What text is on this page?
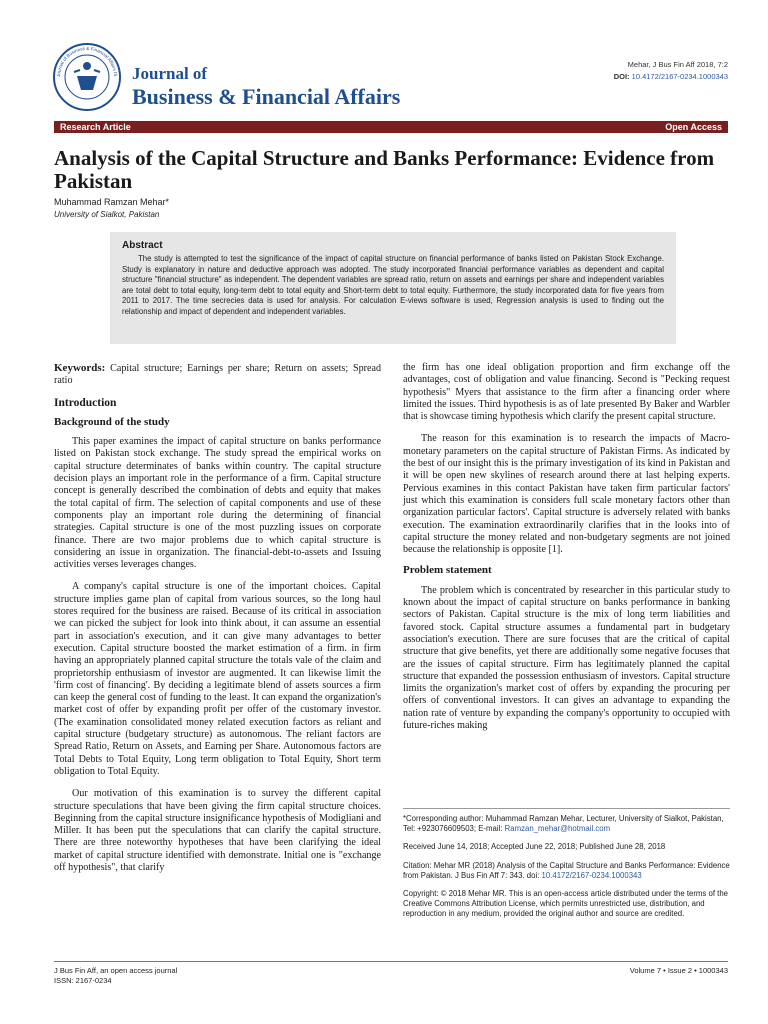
Journal of Business & Financial Affairs IS Journal of
Business & Financial Affairs
Mehar, J Bus Fin Aff 2018, 7:2
DOI: 10.4172/2167-0234.1000343
Research Article	Open Access
Analysis of the Capital Structure and Banks Performance: Evidence from Pakistan
Muhammad Ramzan Mehar*
University of Sialkot, Pakistan
Abstract

The study is attempted to test the significance of the impact of capital structure on financial performance of banks listed on Pakistan Stock Exchange. Study is explanatory in nature and deductive approach was adopted. The study incorporated financial performance variables as dependent and capital structure "financial structure" as independent. The dependent variables are spread ratio, return on assets and earnings per share and independent variables are total debt to total equity, long-term debt to total equity and Short-term debt to total equity. Furthermore, the study incorporated data for five years from 2011 to 2017. The time secrecies data is used for analysis. For calculation E-views software is used, Regression analysis is used to finding out the relationship and impact of dependent and independent variables.

Keywords: Capital structure; Earnings per share; Return on assets; Spread ratio

Introduction
Background of the study

This paper examines the impact of capital structure on banks performance listed on Pakistan stock exchange. The study spread the empirical works on capital structure determinates of banks within country. The capital structure decision plays an important role in the performance of a firm. Capital structure concept is generally described the combination of debts and equity that makes the total capital of firm. The selection of capital components and use of these components play an important role during the determining of financial strategies. Capital structure is one of the most puzzling issues on corporate finance. There are two major problems due to which capital structure is considering an issue in organization. The financial-debt-to-assets and Issuing activities verses leverages changes.

A company's capital structure is one of the important choices. Capital structure implies game plan of capital from various sources, so the long haul stores required for the business are raised. Because of its critical in association we can picked the subject for look into think about, it can assume an essential part in association's execution, and it can give many advantages to better execution. Capital structure boosted the market estimation of a firm. in firm having an appropriately planned capital structure the totals vale of the claim and proprietorship enthusiasm of investor are augmented. It can likewise limit the 'firm cost of financing'. By deciding a legitimate blend of assets sources a firm can keep the general cost of funding to the least. It can expand the organization's market cost of offer by expanding profit per offer of the customary investor. (The examination consolidated money related execution factors as reliant and capital structure (budgetary structure) as autonomous. The reliant factors are Spread Ratio, Return on Assets, and Earning per Share. Autonomous factors are Total Debts to Total Equity, Long term obligation to Total Equity, Short term obligation to Total Equity.

Our motivation of this examination is to survey the different capital structure speculations that have been giving the firm capital structure choices. Beginning from the capital structure insignificance hypothesis of Modigliani and Miller. It has been put the speculations that can clarify the capital structure. There are three noteworthy hypotheses that have been clarifying the ideal market of capital structure identified with demonstrate. Initial one is "exchange off hypothesis", that clarify

the firm has one ideal obligation proportion and firm exchange off the advantages, cost of obligation and value financing. Second is "Pecking request hypothesis" Myers that assistance to the firm after a financing order where limited the issues. Third hypothesis is as of late presented By Baker and Warbler that is showcase timing hypothesis which clarify the present capital structure.

The reason for this examination is to research the impacts of Macro-monetary parameters on the capital structure of Pakistan Firms. As indicated by the best of our insight this is the primary investigation of its kind in Pakistan and it will be open new skylines of research around there at last helping experts. Pervious examines in this contact Pakistan have taken firm particular factors' just which this examination is considers full scale monetary factors other than organization particular factors'. Capital structure is adversely related with banks execution. The examination extraordinarily clarifies that in the looks into of capital structure the money related and non-budgetary segments are not joined because the relationship is opposite [1].

Problem statement

The problem which is concentrated by researcher in this particular study to known about the impact of capital structure on banks performance in banking sectors of Pakistan. Capital structure is the mix of long term liabilities and favored stock. Capital structure assumes a fundamental part in budgetary association's execution. There are sure focuses that are the critical of capital structure that give benefits, yet there are additionally some negative focuses that are the issues of capital structure. Firm has legitimately planned the capital structure that expanded the possession enthusiasm of investors. Capital structure limits the organization's market cost of offers by expanding the procuring per offers of conventional investors. It can gives an advantage to expanding the nation rate of venture by expanding the company's opportunity to occupied with future-riches making

*Corresponding author: Muhammad Ramzan Mehar, Lecturer, University of Sialkot, Pakistan, Tel: +923076609503; E-mail: Ramzan_mehar@hotmail.com

Received June 14, 2018; Accepted June 22, 2018; Published June 28, 2018

Citation: Mehar MR (2018) Analysis of the Capital Structure and Banks Performance: Evidence from Pakistan. J Bus Fin Aff 7: 343. doi: 10.4172/2167-0234.1000343

Copyright: © 2018 Mehar MR. This is an open-access article distributed under the terms of the Creative Commons Attribution License, which permits unrestricted use, distribution, and reproduction in any medium, provided the original author and source are credited.

J Bus Fin Aff, an open access journal
ISSN: 2167-0234
Volume 7 • Issue 2 • 1000343
